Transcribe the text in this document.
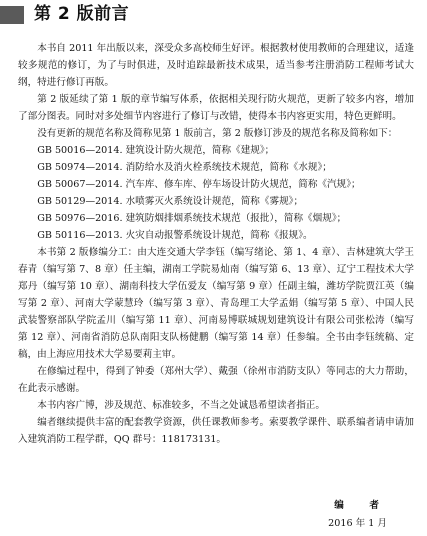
第 2 版前言

本书自 2011 年出版以来，深受众多高校师生好评。根据教材使用教师的合理建议，适逢较多规范的修订，为了与时俱进，及时追踪最新技术成果，适当参考注册消防工程师考试大纲，特进行修订再版。

第 2 版延续了第 1 版的章节编写体系，依据相关现行防火规范，更新了较多内容，增加了部分图表。同时对多处细节内容进行了修订与改错，使得本书内容更实用，特色更鲜明。

没有更新的规范名称及简称见第 1 版前言，第 2 版修订涉及的规范名称及简称如下：

GB 50016—2014. 建筑设计防火规范，简称《建规》；
GB 50974—2014. 消防给水及消火栓系统技术规范，简称《水规》；
GB 50067—2014. 汽车库、修车库、停车场设计防火规范，简称《汽规》；
GB 50129—2014. 水喷雾灭火系统设计规范，简称《雾规》；
GB 50976—2016. 建筑防烟排烟系统技术规范（报批），简称《烟规》；
GB 50116—2013. 火灾自动报警系统设计规范，简称《报规》。

本书第 2 版修编分工：由大连交通大学李钰（编写绪论、第 1、4 章）、吉林建筑大学王春青（编写第 7、8 章）任主编，湖南工学院易灿南（编写第 6、13 章）、辽宁工程技术大学郑丹（编写第 10 章）、湖南科技大学伍爱友（编写第 9 章）任副主编，潍坊学院贾江英（编写第 2 章）、河南大学蒙慧玲（编写第 3 章）、青岛理工大学孟娟（编写第 5 章）、中国人民武装警察部队学院孟川（编写第 11 章）、河南易博联城规划建筑设计有限公司张松涛（编写第 12 章）、河南省消防总队南阳支队杨健鹏（编写第 14 章）任参编。全书由李钰统稿、定稿，由上海应用技术大学易要莉主审。

在修编过程中，得到了钟委（郑州大学）、戴强（徐州市消防支队）等同志的大力帮助，在此表示感谢。

本书内容广博，涉及规范、标准较多，不当之处诚恳希望读者指正。

编者继续提供丰富的配套教学资源，供任课教师参考。索要教学课件、联系编者请申请加入建筑消防工程学群，QQ 群号：118173131。

编　者
2016 年 1 月
